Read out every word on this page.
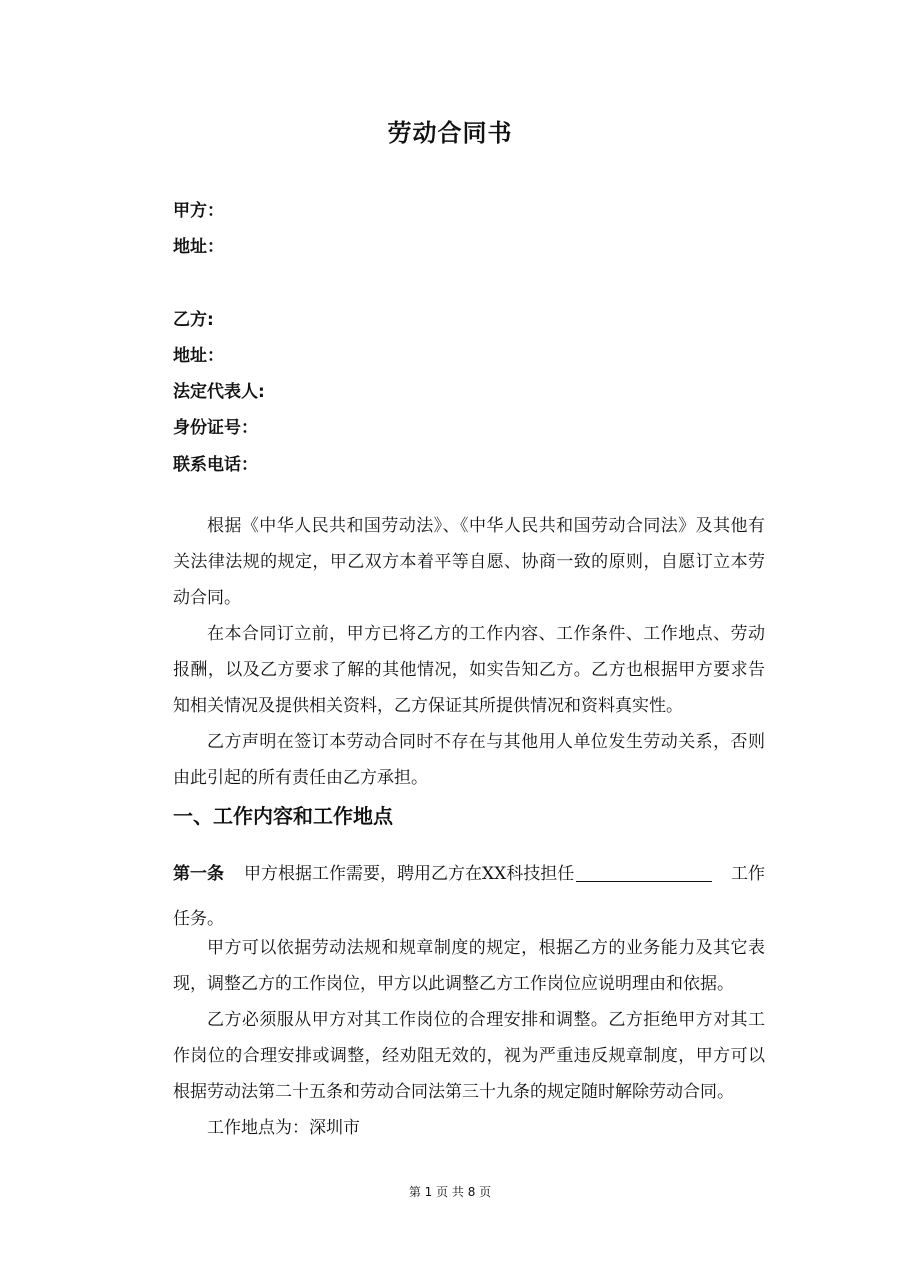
劳动合同书
甲方：
地址：
乙方:
地址：
法定代表人:
身份证号：
联系电话：

根据《中华人民共和国劳动法》、《中华人民共和国劳动合同法》及其他有关法律法规的规定，甲乙双方本着平等自愿、协商一致的原则，自愿订立本劳动合同。

在本合同订立前，甲方已将乙方的工作内容、工作条件、工作地点、劳动报酬，以及乙方要求了解的其他情况，如实告知乙方。乙方也根据甲方要求告知相关情况及提供相关资料，乙方保证其所提供情况和资料真实性。

乙方声明在签订本劳动合同时不存在与其他用人单位发生劳动关系，否则由此引起的所有责任由乙方承担。

一、工作内容和工作地点
第一条 甲方根据工作需要，聘用乙方在XX科技担任	工作
任务。

甲方可以依据劳动法规和规章制度的规定，根据乙方的业务能力及其它表现，调整乙方的工作岗位，甲方以此调整乙方工作岗位应说明理由和依据。

乙方必须服从甲方对其工作岗位的合理安排和调整。乙方拒绝甲方对其工作岗位的合理安排或调整，经劝阻无效的，视为严重违反规章制度，甲方可以根据劳动法第二十五条和劳动合同法第三十九条的规定随时解除劳动合同。

工作地点为：深圳市

第 1 页 共 8 页
